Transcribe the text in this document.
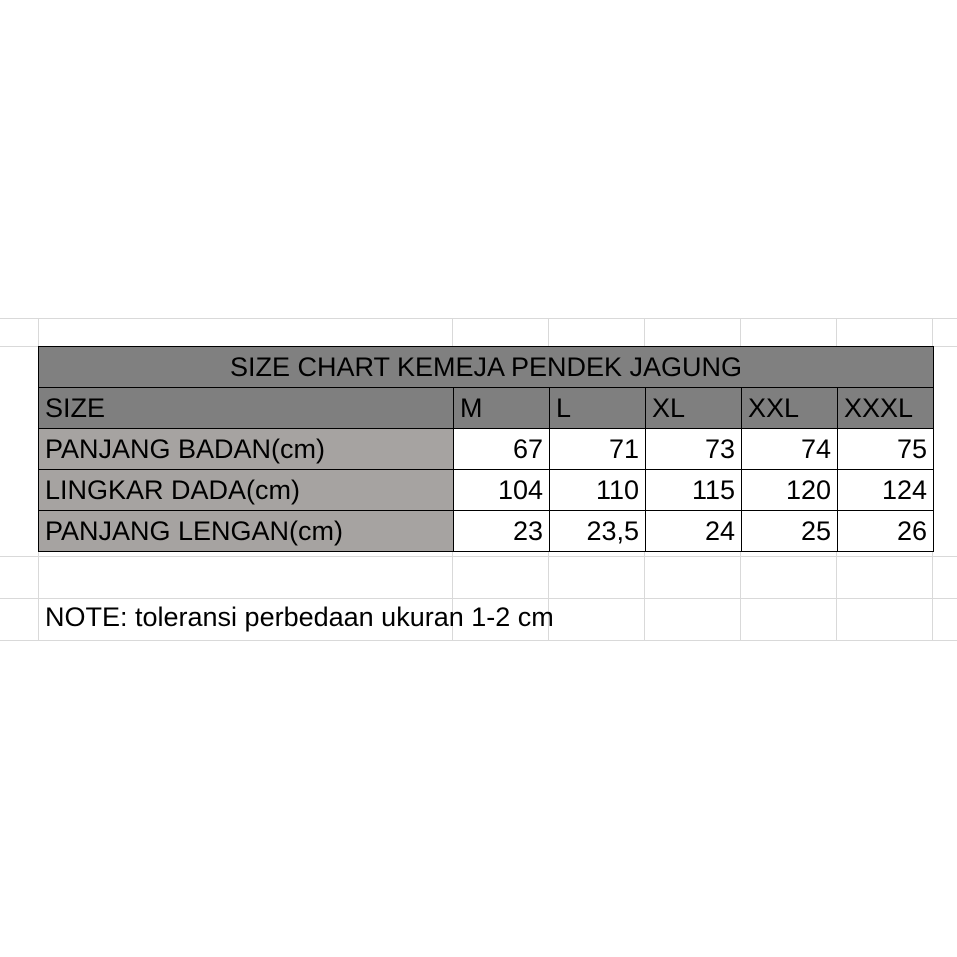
SIZE CHART KEMEJA PENDEK JAGUNG					
SIZE	M	L	XL	XXL	XXXL
PANJANG BADAN(cm)	67	71	73	74	75
LINGKAR DADA(cm)	104	110	115	120	124
PANJANG LENGAN(cm)	23	23,5	24	25	26
NOTE: toleransi perbedaan ukuran 1-2 cm
